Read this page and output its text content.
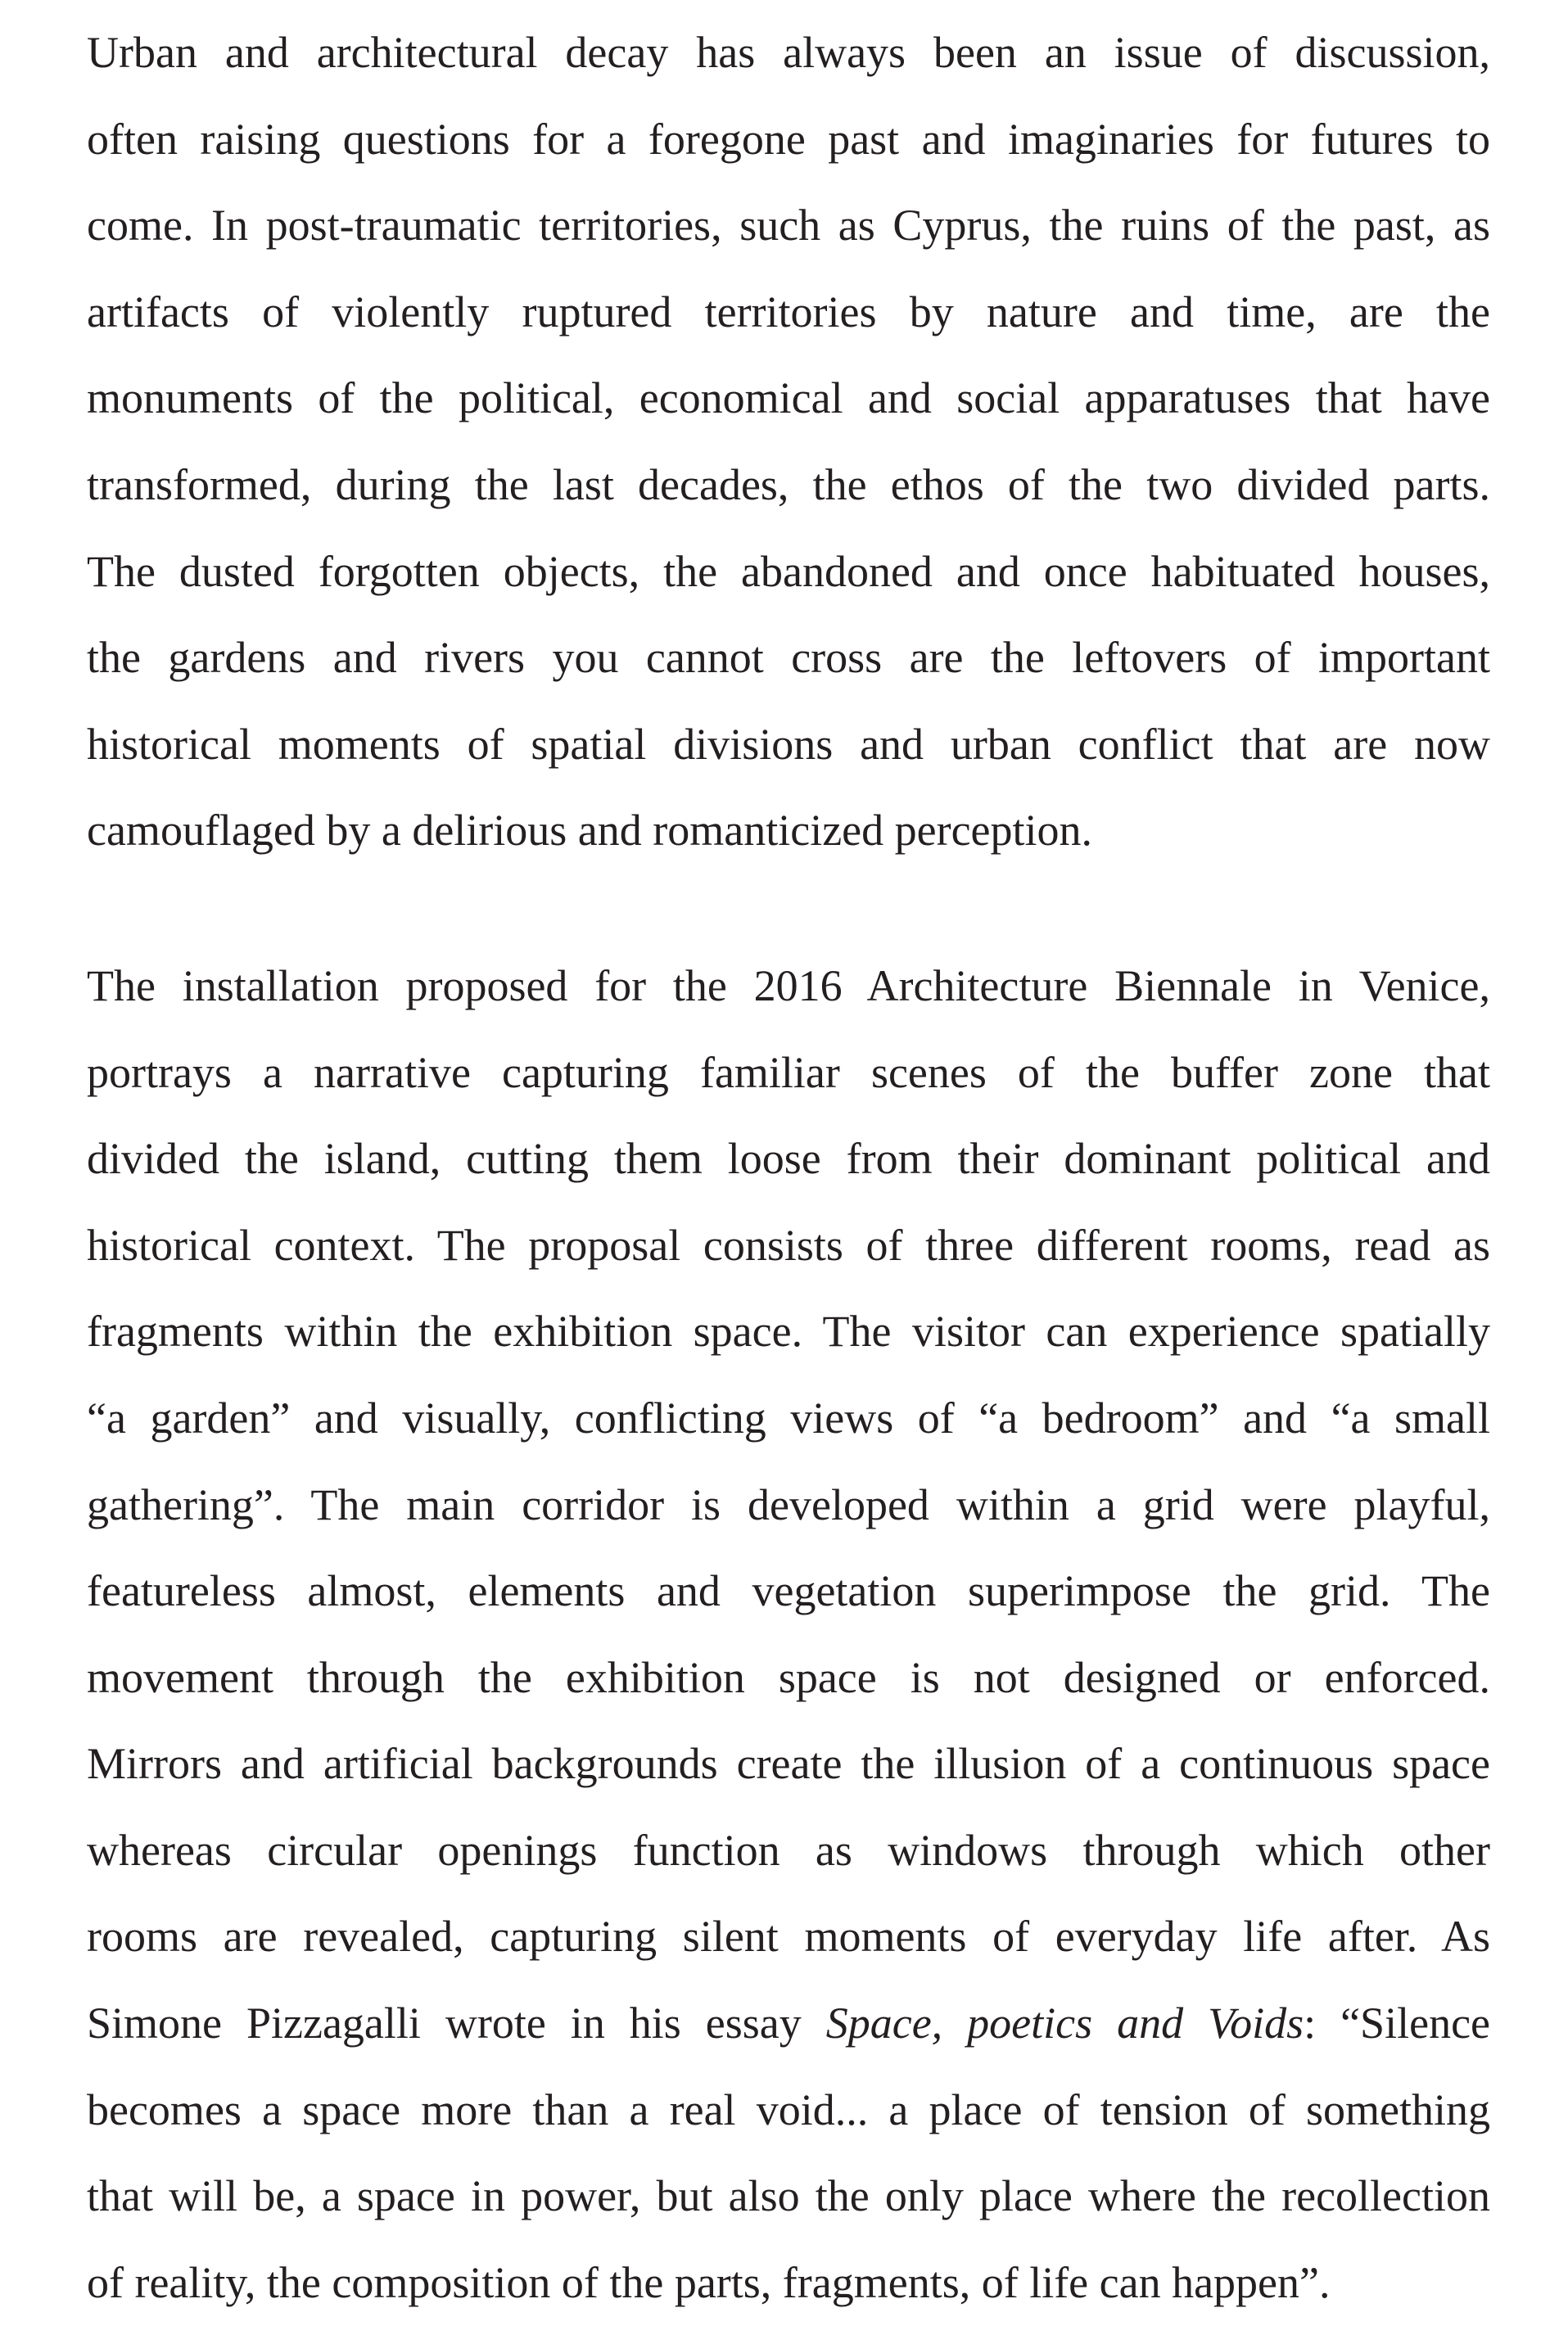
Urban and architectural decay has always been an issue of discussion,
often raising questions for a foregone past and imaginaries for futures to
come. In post-traumatic territories, such as Cyprus, the ruins of the past, as
artifacts of violently ruptured territories by nature and time, are the
monuments of the political, economical and social apparatuses that have
transformed, during the last decades, the ethos of the two divided parts.
The dusted forgotten objects, the abandoned and once habituated houses,
the gardens and rivers you cannot cross are the leftovers of important
historical moments of spatial divisions and urban conflict that are now
camouflaged by a delirious and romanticized perception.
The installation proposed for the 2016 Architecture Biennale in Venice,
portrays a narrative capturing familiar scenes of the buffer zone that
divided the island, cutting them loose from their dominant political and
historical context. The proposal consists of three different rooms, read as
fragments within the exhibition space. The visitor can experience spatially
“a garden” and visually, conflicting views of “a bedroom” and “a small
gathering”. The main corridor is developed within a grid were playful,
featureless almost, elements and vegetation superimpose the grid. The
movement through the exhibition space is not designed or enforced.
Mirrors and artificial backgrounds create the illusion of a continuous space
whereas circular openings function as windows through which other
rooms are revealed, capturing silent moments of everyday life after. As
Simone Pizzagalli wrote in his essay Space, poetics and Voids: “Silence
becomes a space more than a real void... a place of tension of something
that will be, a space in power, but also the only place where the recollection
of reality, the composition of the parts, fragments, of life can happen”.
